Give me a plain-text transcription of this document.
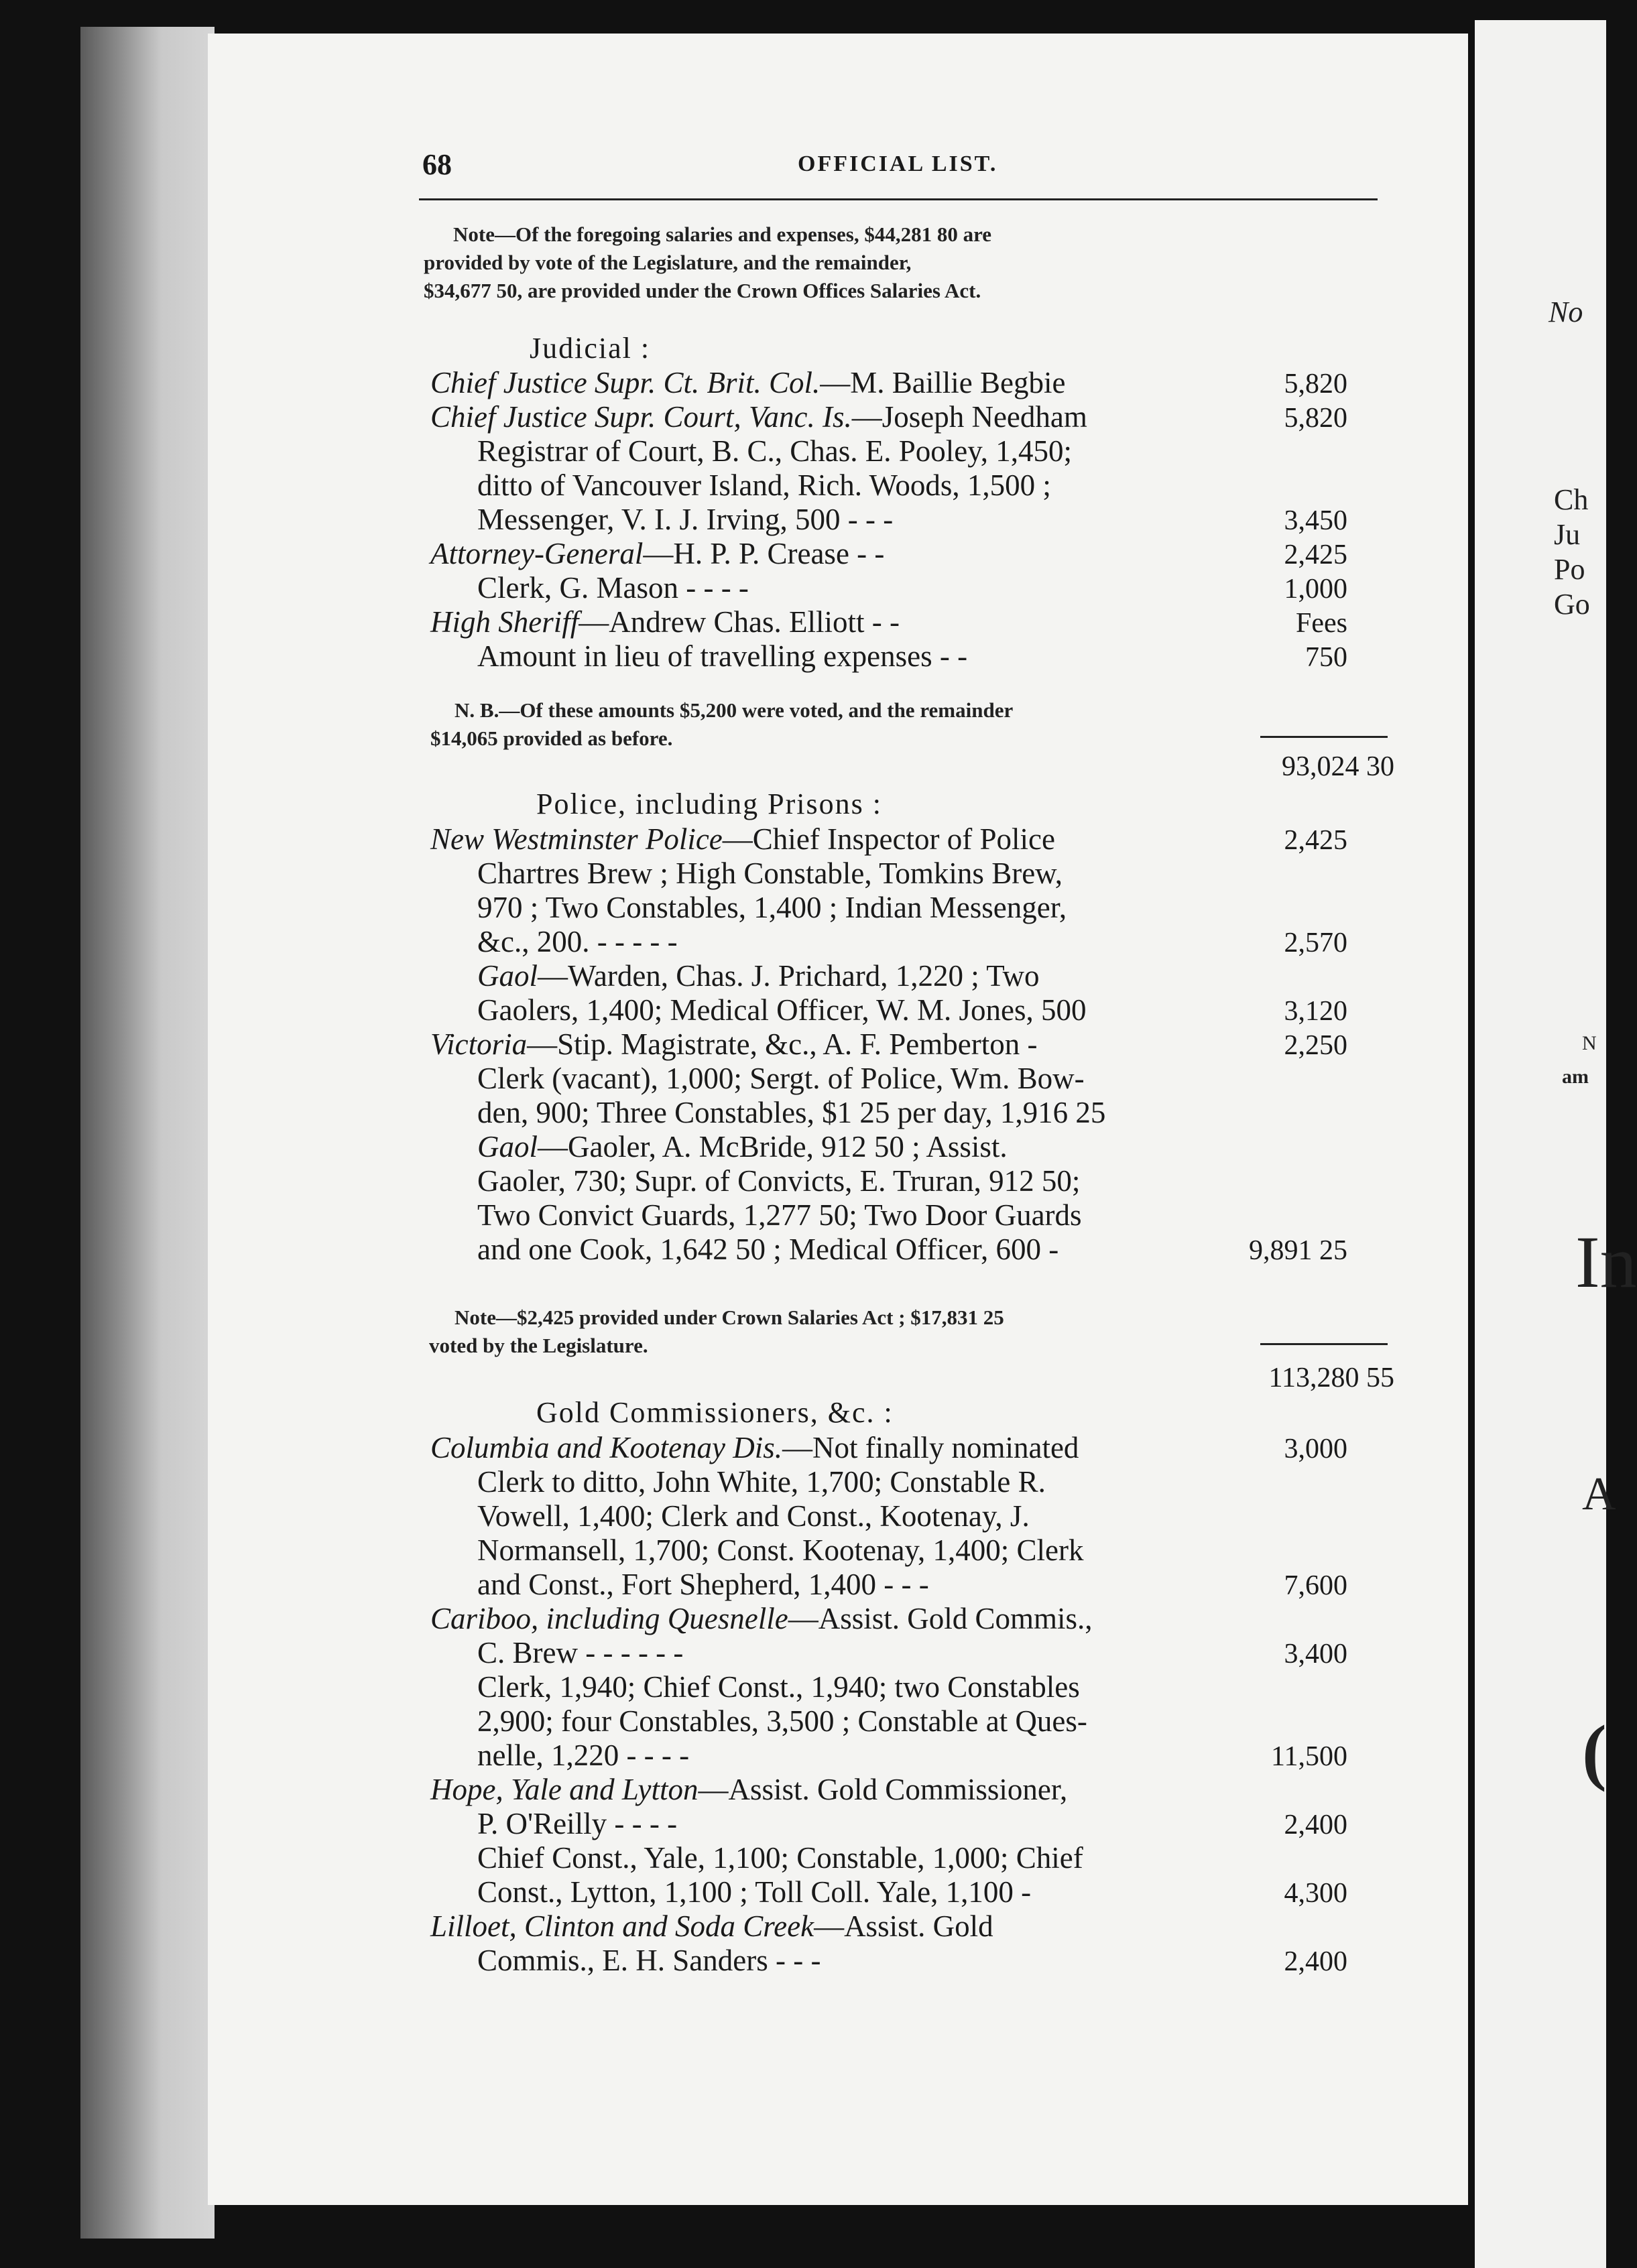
No
Ch
Ju
Po
Go
N
am
In
A
(
68	OFFICIAL LIST.
Note—Of the foregoing salaries and expenses, $44,281 80 are
provided by vote of the Legislature, and the remainder,
$34,677 50, are provided under the Crown Offices Salaries Act.
Judicial :
Chief Justice Supr. Ct. Brit. Col.—M. Baillie Begbie	5,820
Chief Justice Supr. Court, Vanc. Is.—Joseph Needham	5,820
Registrar of Court, B. C., Chas. E. Pooley, 1,450;
ditto of Vancouver Island, Rich. Woods, 1,500 ;
Messenger, V. I. J. Irving, 500 - - -	3,450
Attorney-General—H. P. P. Crease - -	2,425
Clerk, G. Mason - - - -	1,000
High Sheriff—Andrew Chas. Elliott - -	Fees
Amount in lieu of travelling expenses - -	750
N. B.—Of these amounts $5,200 were voted, and the remainder
$14,065 provided as before.
93,024 30
Police, including Prisons :
New Westminster Police—Chief Inspector of Police	2,425
Chartres Brew ; High Constable, Tomkins Brew,
970 ; Two Constables, 1,400 ; Indian Messenger,
&c., 200. - - - - -	2,570
Gaol—Warden, Chas. J. Prichard, 1,220 ; Two
Gaolers, 1,400; Medical Officer, W. M. Jones, 500	3,120
Victoria—Stip. Magistrate, &c., A. F. Pemberton -	2,250
Clerk (vacant), 1,000; Sergt. of Police, Wm. Bow-
den, 900; Three Constables, $1 25 per day, 1,916 25
Gaol—Gaoler, A. McBride, 912 50 ; Assist.
Gaoler, 730; Supr. of Convicts, E. Truran, 912 50;
Two Convict Guards, 1,277 50; Two Door Guards
and one Cook, 1,642 50 ; Medical Officer, 600 -	9,891 25
Note—$2,425 provided under Crown Salaries Act ; $17,831 25
voted by the Legislature.
113,280 55
Gold Commissioners, &c. :
Columbia and Kootenay Dis.—Not finally nominated	3,000
Clerk to ditto, John White, 1,700; Constable R.
Vowell, 1,400; Clerk and Const., Kootenay, J.
Normansell, 1,700; Const. Kootenay, 1,400; Clerk
and Const., Fort Shepherd, 1,400 - - -	7,600
Cariboo, including Quesnelle—Assist. Gold Commis.,
C. Brew - - - - - -	3,400
Clerk, 1,940; Chief Const., 1,940; two Constables
2,900; four Constables, 3,500 ; Constable at Ques-
nelle, 1,220 - - - -	11,500
Hope, Yale and Lytton—Assist. Gold Commissioner,
P. O'Reilly - - - -	2,400
Chief Const., Yale, 1,100; Constable, 1,000; Chief
Const., Lytton, 1,100 ; Toll Coll. Yale, 1,100 -	4,300
Lilloet, Clinton and Soda Creek—Assist. Gold
Commis., E. H. Sanders - - -	2,400
